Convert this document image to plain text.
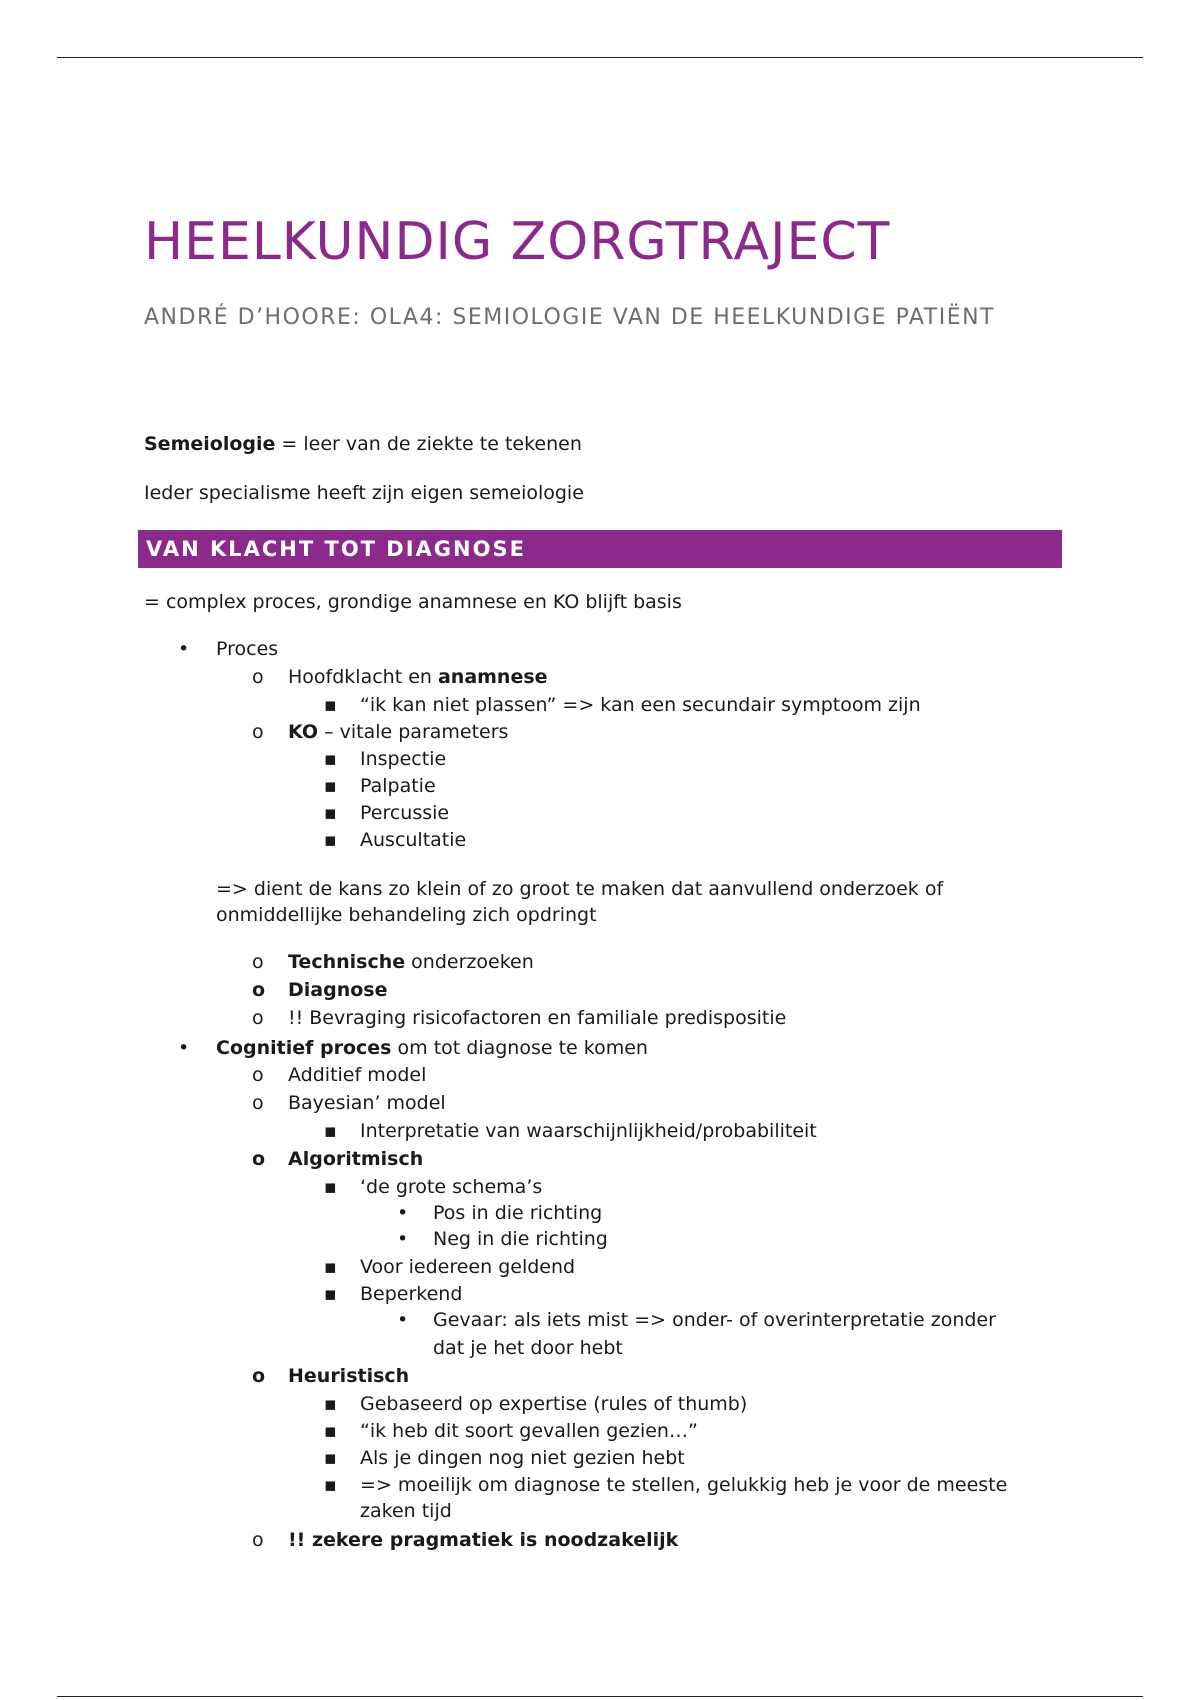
HEELKUNDIG ZORGTRAJECT

ANDRÉ D’HOORE: OLA4: SEMIOLOGIE VAN DE HEELKUNDIGE PATIËNT

Semeiologie = leer van de ziekte te tekenen

Ieder specialisme heeft zijn eigen semeiologie

VAN KLACHT TOT DIAGNOSE

= complex proces, grondige anamnese en KO blijft basis

• Proces
o Hoofdklacht en anamnese
▪ “ik kan niet plassen” => kan een secundair symptoom zijn
o KO – vitale parameters
▪ Inspectie
▪ Palpatie
▪ Percussie
▪ Auscultatie
=> dient de kans zo klein of zo groot te maken dat aanvullend onderzoek of
onmiddellijke behandeling zich opdringt
o Technische onderzoeken
o Diagnose
o !! Bevraging risicofactoren en familiale predispositie
• Cognitief proces om tot diagnose te komen
o Additief model
o Bayesian’ model
▪ Interpretatie van waarschijnlijkheid/probabiliteit
o Algoritmisch
▪ ‘de grote schema’s
• Pos in die richting
• Neg in die richting
▪ Voor iedereen geldend
▪ Beperkend
• Gevaar: als iets mist => onder- of overinterpretatie zonder
dat je het door hebt
o Heuristisch
▪ Gebaseerd op expertise (rules of thumb)
▪ “ik heb dit soort gevallen gezien…”
▪ Als je dingen nog niet gezien hebt
▪ => moeilijk om diagnose te stellen, gelukkig heb je voor de meeste
zaken tijd
o !! zekere pragmatiek is noodzakelijk
